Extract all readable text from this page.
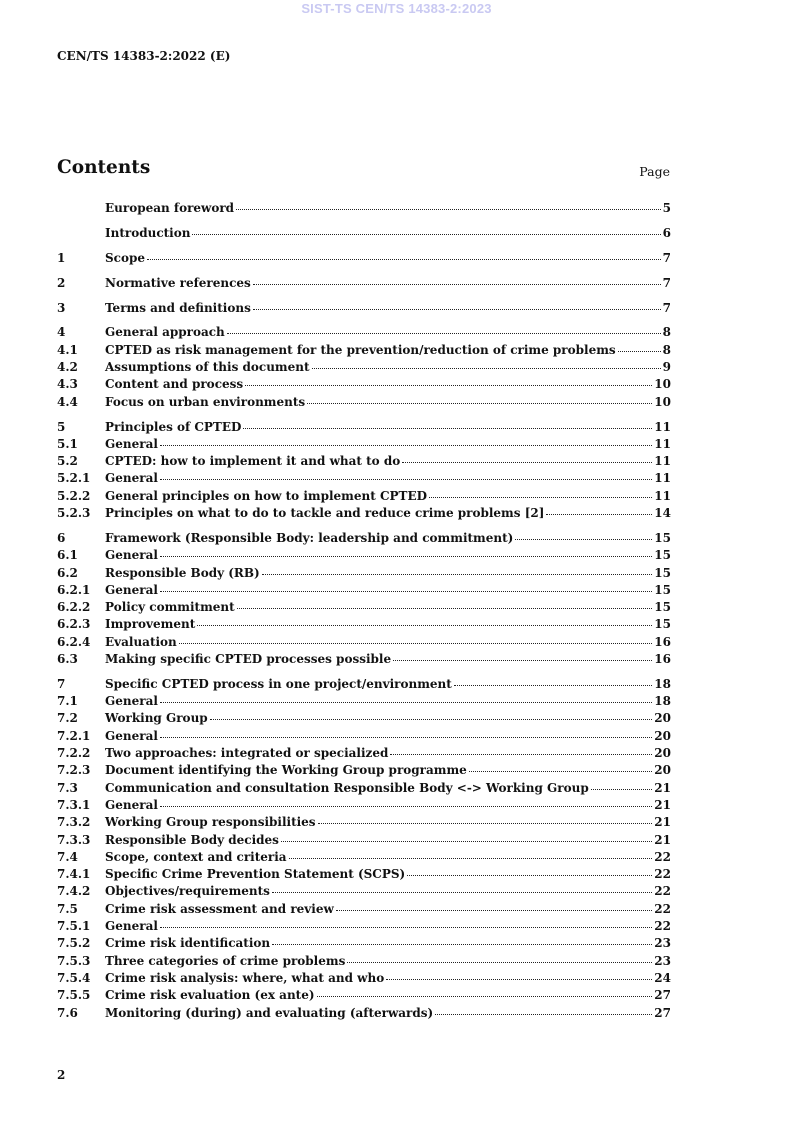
SIST-TS CEN/TS 14383-2:2023
CEN/TS 14383-2:2022 (E)
Contents	Page
European foreword	5
Introduction	6
1	Scope	7
2	Normative references	7
3	Terms and definitions	7
4	General approach	8
4.1	CPTED as risk management for the prevention/reduction of crime problems	8
4.2	Assumptions of this document	9
4.3	Content and process	10
4.4	Focus on urban environments	10
5	Principles of CPTED	11
5.1	General	11
5.2	CPTED: how to implement it and what to do	11
5.2.1	General	11
5.2.2	General principles on how to implement CPTED	11
5.2.3	Principles on what to do to tackle and reduce crime problems [2]	14
6	Framework (Responsible Body: leadership and commitment)	15
6.1	General	15
6.2	Responsible Body (RB)	15
6.2.1	General	15
6.2.2	Policy commitment	15
6.2.3	Improvement	15
6.2.4	Evaluation	16
6.3	Making specific CPTED processes possible	16
7	Specific CPTED process in one project/environment	18
7.1	General	18
7.2	Working Group	20
7.2.1	General	20
7.2.2	Two approaches: integrated or specialized	20
7.2.3	Document identifying the Working Group programme	20
7.3	Communication and consultation Responsible Body <-> Working Group	21
7.3.1	General	21
7.3.2	Working Group responsibilities	21
7.3.3	Responsible Body decides	21
7.4	Scope, context and criteria	22
7.4.1	Specific Crime Prevention Statement (SCPS)	22
7.4.2	Objectives/requirements	22
7.5	Crime risk assessment and review	22
7.5.1	General	22
7.5.2	Crime risk identification	23
7.5.3	Three categories of crime problems	23
7.5.4	Crime risk analysis: where, what and who	24
7.5.5	Crime risk evaluation (ex ante)	27
7.6	Monitoring (during) and evaluating (afterwards)	27
2
